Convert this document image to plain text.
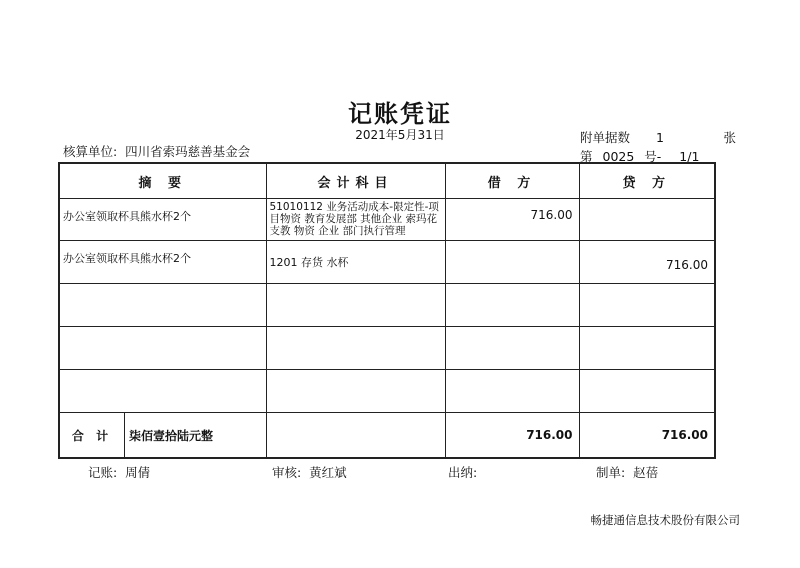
记账凭证
2021年5月31日
核算单位: 四川省索玛慈善基金会
附单据数 1	张
第 0025 号- 1/1
摘 要	会计科目	借 方	贷 方

办公室领取杯具熊水杯2个	51010112 业务活动成本-限定性-项目物资 教育发展部 其他企业 索玛花支教 物资 企业 部门执行管理	716.00	

办公室领取杯具熊水杯2个	1201 存货 水杯		716.00

合 计 柒佰壹拾陆元整		716.00	716.00
记账: 周倩	审核: 黄红斌	出纳:	制单: 赵蓓
畅捷通信息技术股份有限公司
